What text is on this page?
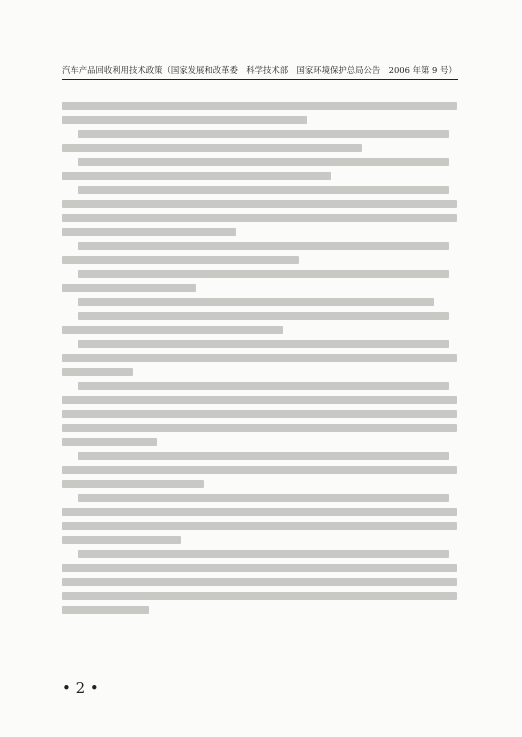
汽车产品回收利用技术政策（国家发展和改革委　科学技术部　国家环境保护总局公告　2006 年第 9 号）
• 2 •
